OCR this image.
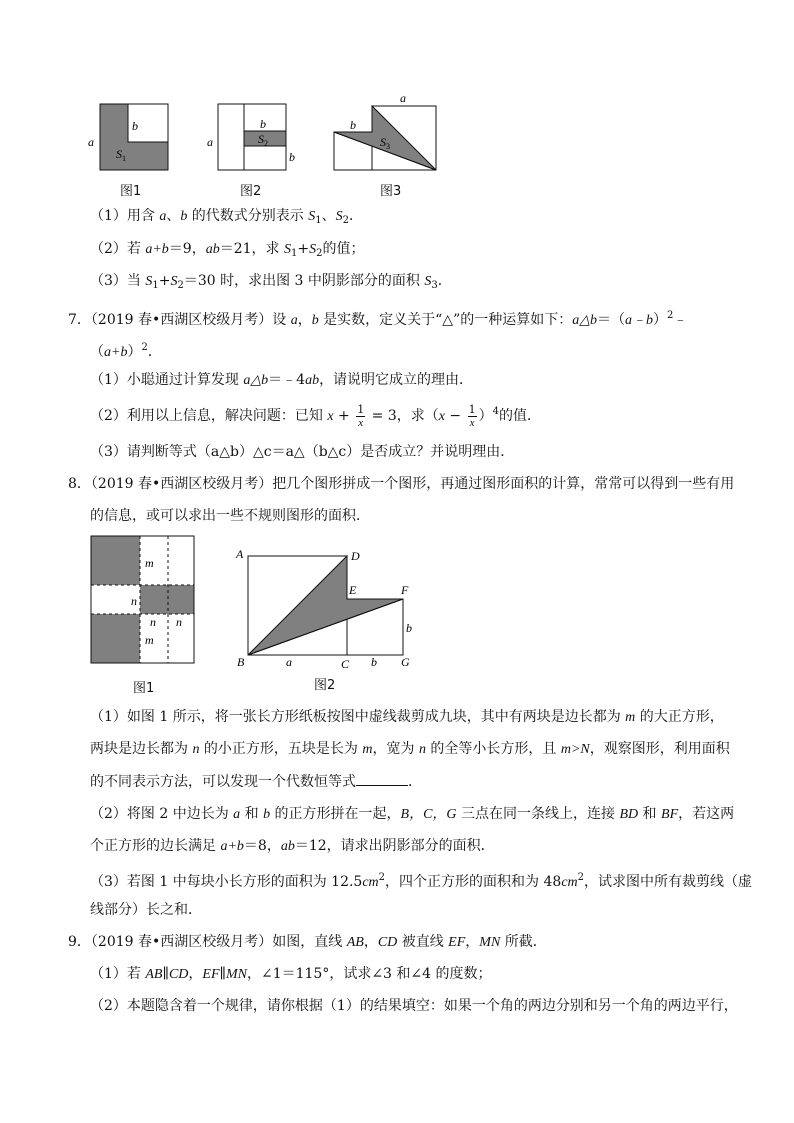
a
b
$S_1$
a
b
$S_2$
b
a
b
$S_3$
图1	图2	图3
（1）用含 a、b 的代数式分别表示 $S_1$、$S_2$．
（2）若 a+b＝9，ab＝21，求 $S_1+S_2$的值；
（3）当 $S_1+S_2=30$ 时，求出图 3 中阴影部分的面积 $S_3$．
7．（2019 春•西湖区校级月考）设 a，b 是实数，定义关于“△”的一种运算如下：a△b＝（a﹣b）$^2$﹣
$(a+b)^2$．
（1）小聪通过计算发现 a△b＝﹣4ab，请说明它成立的理由．
（2）利用以上信息，解决问题：已知 $x + \frac{1}{x} = 3$，求$(x - \frac{1}{x} )^4$的值．
（3）请判断等式（a△b）△c＝a△（b△c）是否成立？并说明理由．
8．（2019 春•西湖区校级月考）把几个图形拼成一个图形，再通过图形面积的计算，常常可以得到一些有用
的信息，或可以求出一些不规则图形的面积．
m
n
n n
m
A	D
E	F
B	a	C b G
b
图1	图2
（1）如图 1 所示，将一张长方形纸板按图中虚线裁剪成九块，其中有两块是边长都为 m 的大正方形，
两块是边长都为 n 的小正方形，五块是长为 m，宽为 n 的全等小长方形，且 m>N，观察图形，利用面积
的不同表示方法，可以发现一个代数恒等式	．
（2）将图 2 中边长为 a 和 b 的正方形拼在一起，B，C，G 三点在同一条线上，连接 BD 和 BF，若这两
个正方形的边长满足 a+b＝8，ab＝12，请求出阴影部分的面积．
（3）若图 1 中每块小长方形的面积为 $12.5cm^2$，四个正方形的面积和为 $48cm^2$，试求图中所有裁剪线（虚
线部分）长之和．
9．（2019 春•西湖区校级月考）如图，直线 AB，CD 被直线 EF，MN 所截．
（1）若 AB∥CD，EF∥MN，∠1＝115°，试求∠3 和∠4 的度数；
（2）本题隐含着一个规律，请你根据（1）的结果填空：如果一个角的两边分别和另一个角的两边平行，
